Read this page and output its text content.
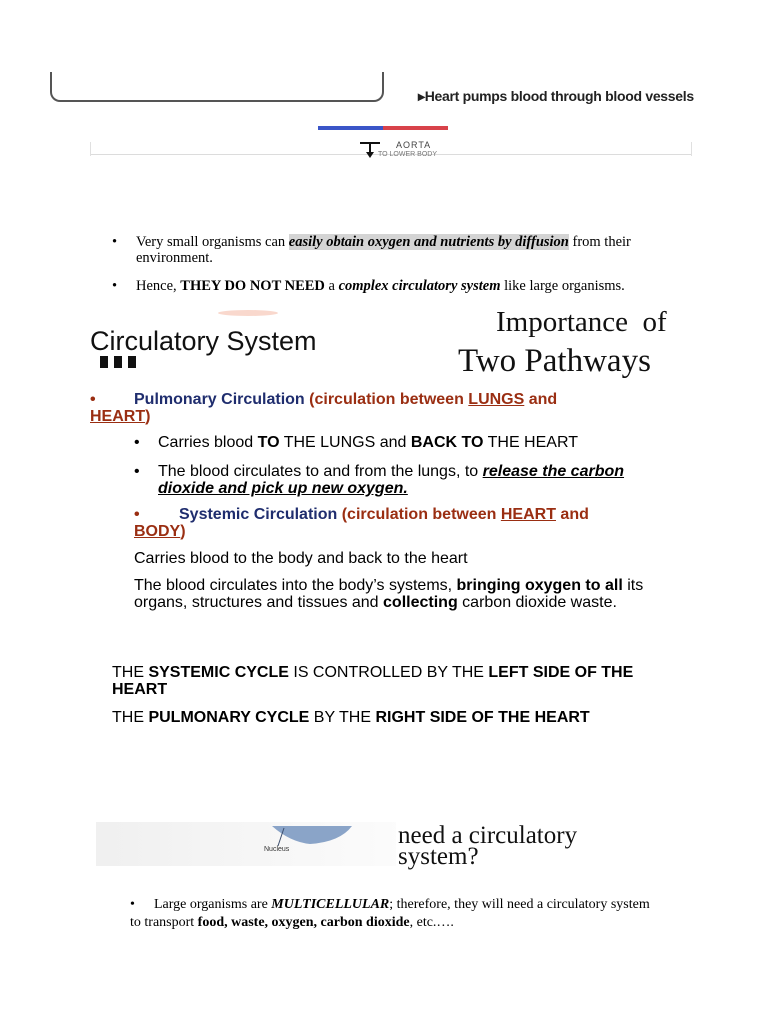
▸Heart pumps blood through blood vessels
AORTA
TO LOWER BODY
•	Very small organisms can easily obtain oxygen and nutrients by diffusion from their environment.
•	Hence, THEY DO NOT NEED a complex circulatory system like large organisms.
Circulatory System
Importance  of
Two Pathways
• Pulmonary Circulation (circulation between LUNGS and
HEART)
•	Carries blood TO THE LUNGS and BACK TO THE HEART
•	The blood circulates to and from the lungs, to release the carbon dioxide and pick up new oxygen.
• Systemic Circulation (circulation between HEART and
BODY)
Carries blood to the body and back to the heart
The blood circulates into the body’s systems, bringing oxygen to all its organs, structures and tissues and collecting carbon dioxide waste.
THE SYSTEMIC CYCLE IS CONTROLLED BY THE LEFT SIDE OF THE HEART
THE PULMONARY CYCLE BY THE RIGHT SIDE OF THE HEART
Nucleus
need a circulatory system?
• Large organisms are MULTICELLULAR; therefore, they will need a circulatory system to transport food, waste, oxygen, carbon dioxide, etc.….
